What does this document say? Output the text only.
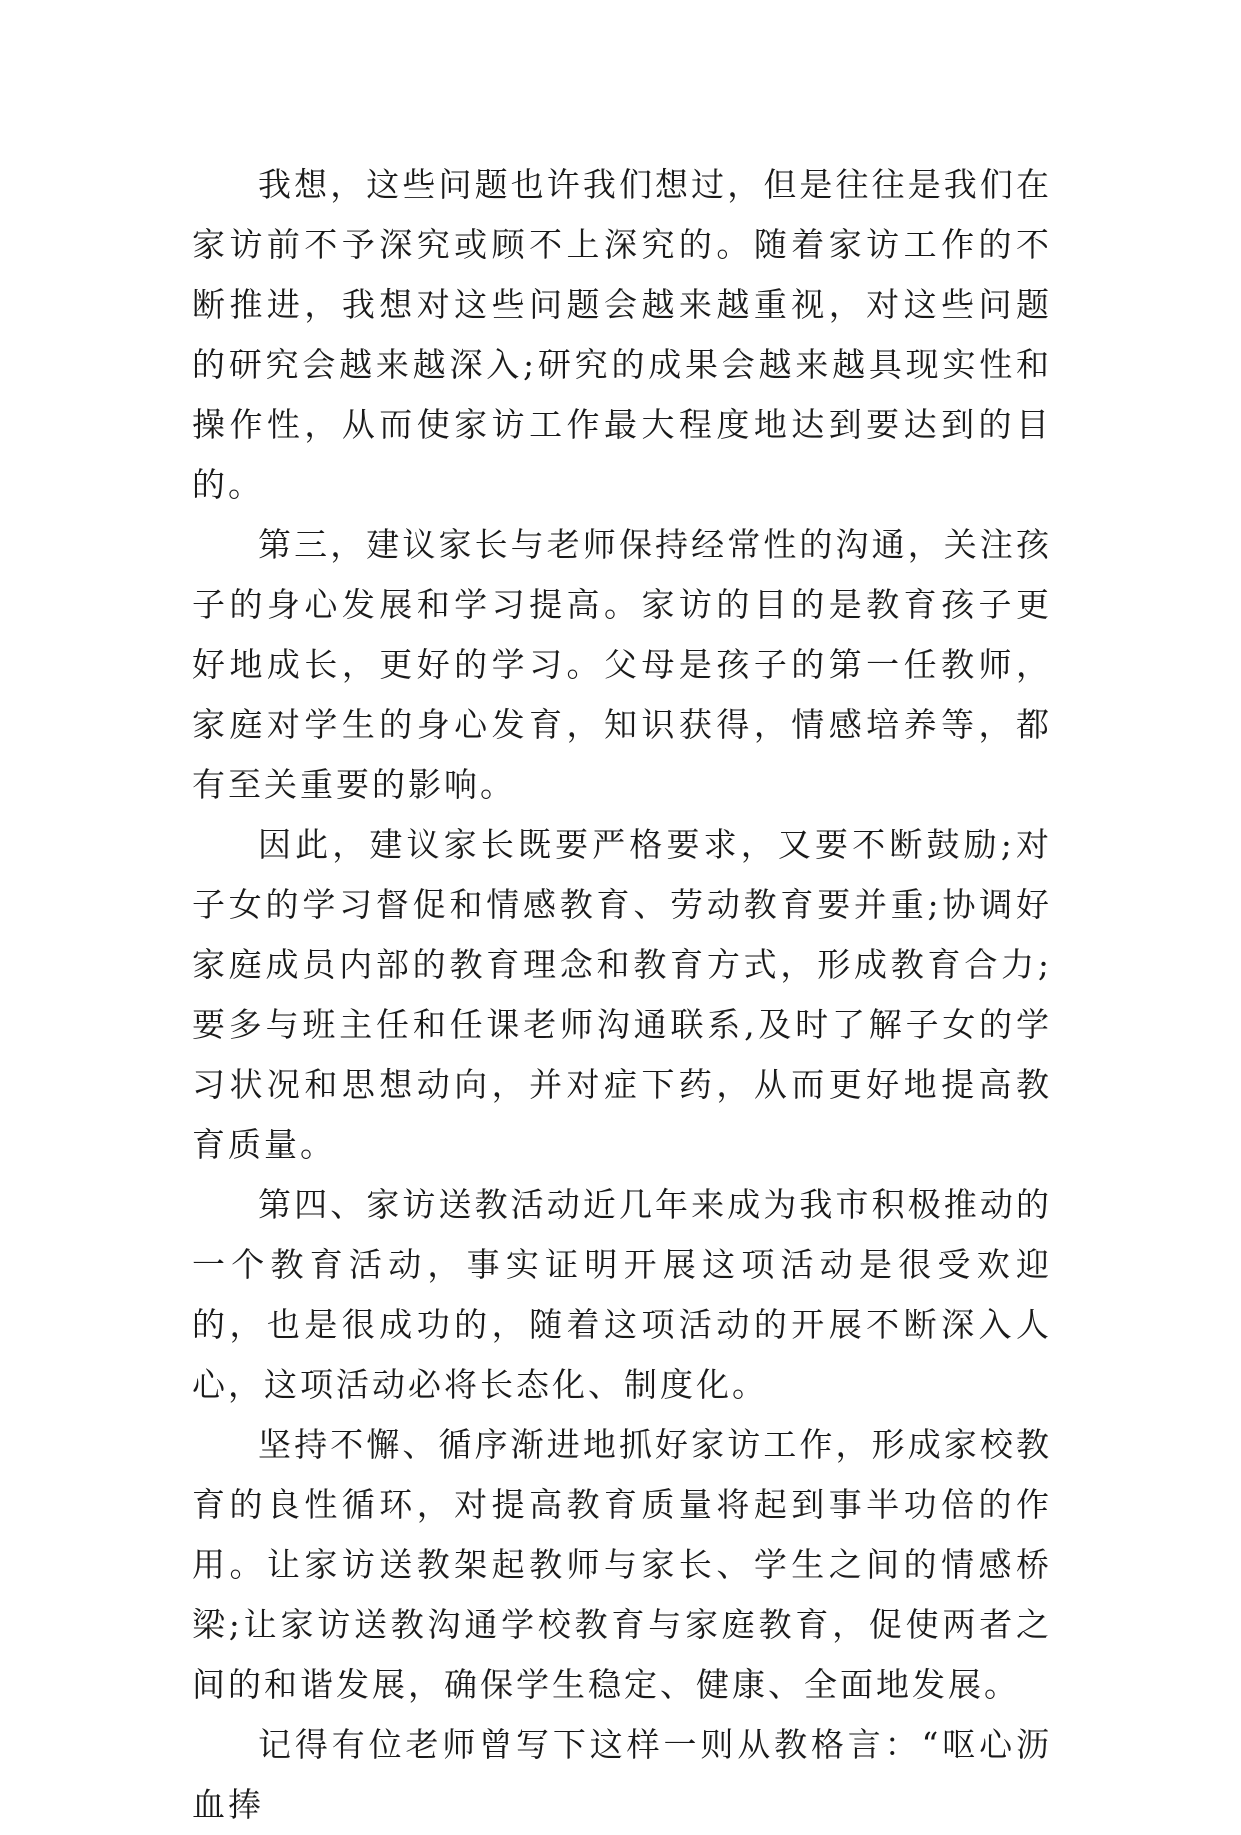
我想，这些问题也许我们想过，但是往往是我们在家访前不予深究或顾不上深究的。随着家访工作的不断推进，我想对这些问题会越来越重视，对这些问题的研究会越来越深入;研究的成果会越来越具现实性和操作性，从而使家访工作最大程度地达到要达到的目的。

第三，建议家长与老师保持经常性的沟通，关注孩子的身心发展和学习提高。家访的目的是教育孩子更好地成长，更好的学习。父母是孩子的第一任教师，家庭对学生的身心发育，知识获得，情感培养等，都有至关重要的影响。

因此，建议家长既要严格要求，又要不断鼓励;对子女的学习督促和情感教育、劳动教育要并重;协调好家庭成员内部的教育理念和教育方式，形成教育合力;要多与班主任和任课老师沟通联系,及时了解子女的学习状况和思想动向，并对症下药，从而更好地提高教育质量。

第四、家访送教活动近几年来成为我市积极推动的一个教育活动，事实证明开展这项活动是很受欢迎的，也是很成功的，随着这项活动的开展不断深入人心，这项活动必将长态化、制度化。

坚持不懈、循序渐进地抓好家访工作，形成家校教育的良性循环，对提高教育质量将起到事半功倍的作用。让家访送教架起教师与家长、学生之间的情感桥梁;让家访送教沟通学校教育与家庭教育，促使两者之间的和谐发展，确保学生稳定、健康、全面地发展。

记得有位老师曾写下这样一则从教格言：“呕心沥血捧
